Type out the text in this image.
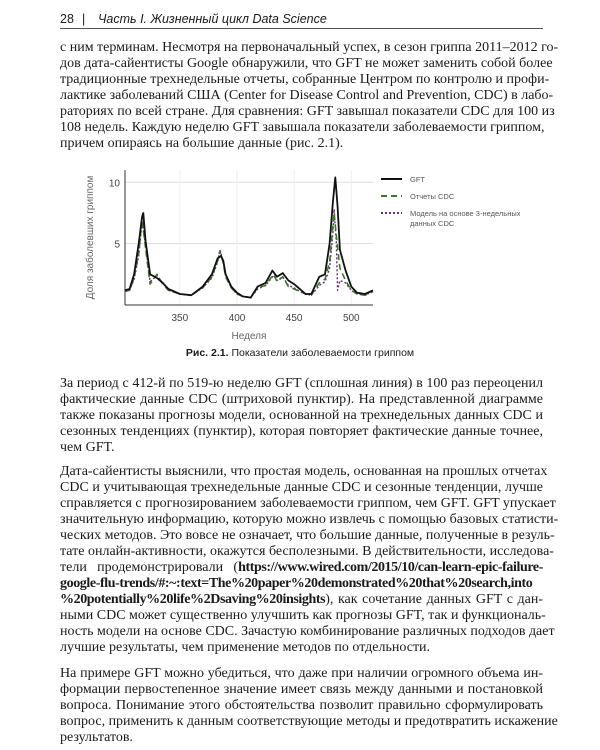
28 | Часть I. Жизненный цикл Data Science
с ним терминам. Несмотря на первоначальный успех, в сезон гриппа 2011–2012 го-
дов дата-сайентисты Google обнаружили, что GFT не может заменить собой более
традиционные трехнедельные отчеты, собранные Центром по контролю и профи-
лактике заболеваний США (Center for Disease Control and Prevention, CDC) в лабо-
раториях по всей стране. Для сравнения: GFT завышал показатели CDC для 100 из
108 недель. Каждую неделю GFT завышала показатели заболеваемости гриппом,
причем опираясь на большие данные (рис. 2.1).
5
10
350	400	450	500
Неделя
Доля заболевших гриппом	GFT
Отчеты CDC
Модель на основе 3-недельных данных CDC
Рис. 2.1. Показатели заболеваемости гриппом
За период с 412-й по 519-ю неделю GFT (сплошная линия) в 100 раз переоценил
фактические данные CDC (штриховой пунктир). На представленной диаграмме
также показаны прогнозы модели, основанной на трехнедельных данных CDC и
сезонных тенденциях (пунктир), которая повторяет фактические данные точнее,
чем GFT.
Дата-сайентисты выяснили, что простая модель, основанная на прошлых отчетах
CDC и учитывающая трехнедельные данные CDC и сезонные тенденции, лучше
справляется с прогнозированием заболеваемости гриппом, чем GFT. GFT упускает
значительную информацию, которую можно извлечь с помощью базовых статисти-
ческих методов. Это вовсе не означает, что большие данные, полученные в резуль-
тате онлайн-активности, окажутся бесполезными. В действительности, исследова-
тели продемонстрировали (https://www.wired.com/2015/10/can-learn-epic-failure-
google-flu-trends/#:~:text=The%20paper%20demonstrated%20that%20search,into
%20potentially%20life%2Dsaving%20insights), как сочетание данных GFT с дан-
ными CDC может существенно улучшить как прогнозы GFT, так и функциональ-
ность модели на основе CDC. Зачастую комбинирование различных подходов дает
лучшие результаты, чем применение методов по отдельности.
На примере GFT можно убедиться, что даже при наличии огромного объема ин-
формации первостепенное значение имеет связь между данными и постановкой
вопроса. Понимание этого обстоятельства позволит правильно сформулировать
вопрос, применить к данным соответствующие методы и предотвратить искажение
результатов.
